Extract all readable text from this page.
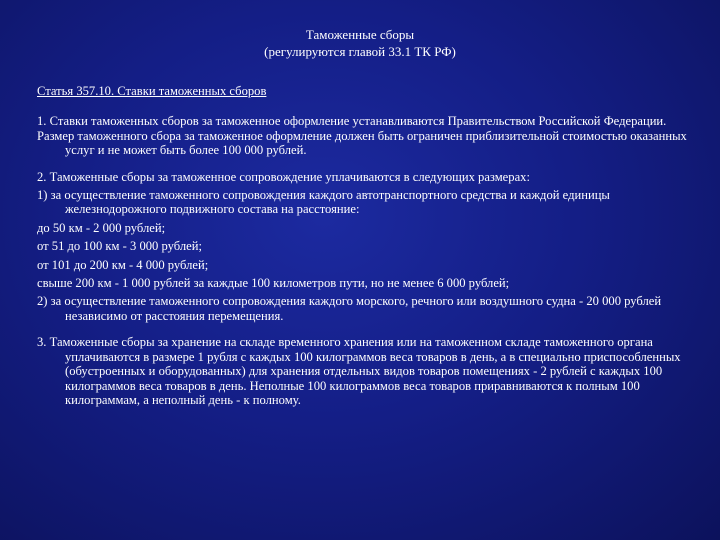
Таможенные сборы
(регулируются главой 33.1 ТК РФ)

Статья 357.10. Ставки таможенных сборов

1. Ставки таможенных сборов за таможенное оформление устанавливаются Правительством Российской Федерации.

Размер таможенного сбора за таможенное оформление должен быть ограничен приблизительной стоимостью оказанных услуг и не может быть более 100 000 рублей.

2. Таможенные сборы за таможенное сопровождение уплачиваются в следующих размерах:

1) за осуществление таможенного сопровождения каждого автотранспортного средства и каждой единицы железнодорожного подвижного состава на расстояние:

до 50 км - 2 000 рублей;

от 51 до 100 км - 3 000 рублей;

от 101 до 200 км - 4 000 рублей;

свыше 200 км - 1 000 рублей за каждые 100 километров пути, но не менее 6 000 рублей;

2) за осуществление таможенного сопровождения каждого морского, речного или воздушного судна - 20 000 рублей независимо от расстояния перемещения.

3. Таможенные сборы за хранение на складе временного хранения или на таможенном складе таможенного органа уплачиваются в размере 1 рубля с каждых 100 килограммов веса товаров в день, а в специально приспособленных (обустроенных и оборудованных) для хранения отдельных видов товаров помещениях - 2 рублей с каждых 100 килограммов веса товаров в день. Неполные 100 килограммов веса товаров приравниваются к полным 100 килограммам, а неполный день - к полному.
